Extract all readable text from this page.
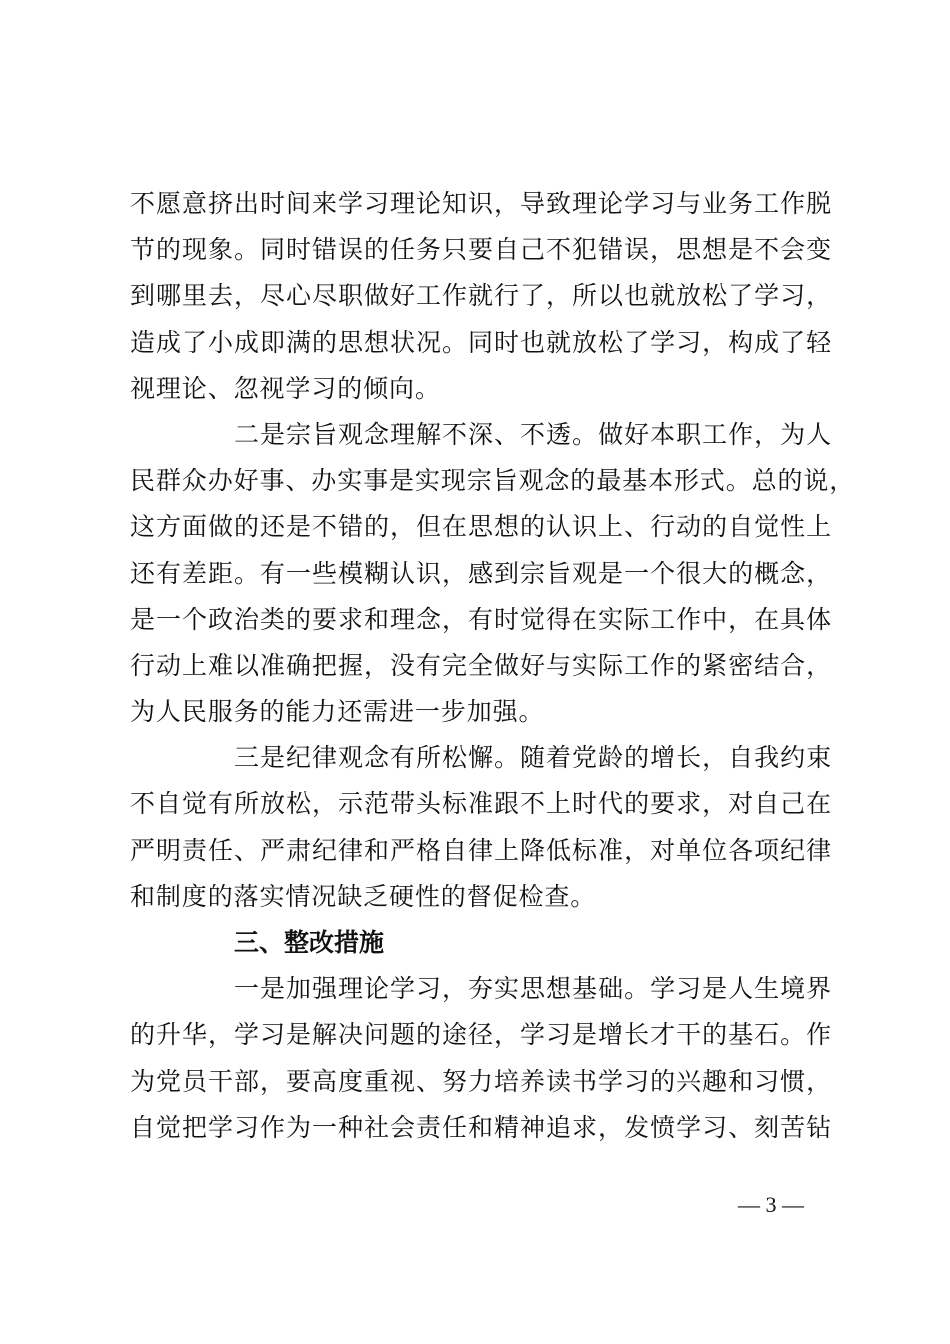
不愿意挤出时间来学习理论知识，导致理论学习与业务工作脱
节的现象。同时错误的任务只要自己不犯错误，思想是不会变
到哪里去，尽心尽职做好工作就行了，所以也就放松了学习，
造成了小成即满的思想状况。同时也就放松了学习，构成了轻
视理论、忽视学习的倾向。
二是宗旨观念理解不深、不透。做好本职工作，为人
民群众办好事、办实事是实现宗旨观念的最基本形式。总的说，
这方面做的还是不错的，但在思想的认识上、行动的自觉性上
还有差距。有一些模糊认识，感到宗旨观是一个很大的概念，
是一个政治类的要求和理念，有时觉得在实际工作中，在具体
行动上难以准确把握，没有完全做好与实际工作的紧密结合，
为人民服务的能力还需进一步加强。
三是纪律观念有所松懈。随着党龄的增长，自我约束
不自觉有所放松，示范带头标准跟不上时代的要求，对自己在
严明责任、严肃纪律和严格自律上降低标准，对单位各项纪律
和制度的落实情况缺乏硬性的督促检查。
三、整改措施
一是加强理论学习，夯实思想基础。学习是人生境界
的升华，学习是解决问题的途径，学习是增长才干的基石。作
为党员干部，要高度重视、努力培养读书学习的兴趣和习惯，
自觉把学习作为一种社会责任和精神追求，发愤学习、刻苦钻
— 3 —
